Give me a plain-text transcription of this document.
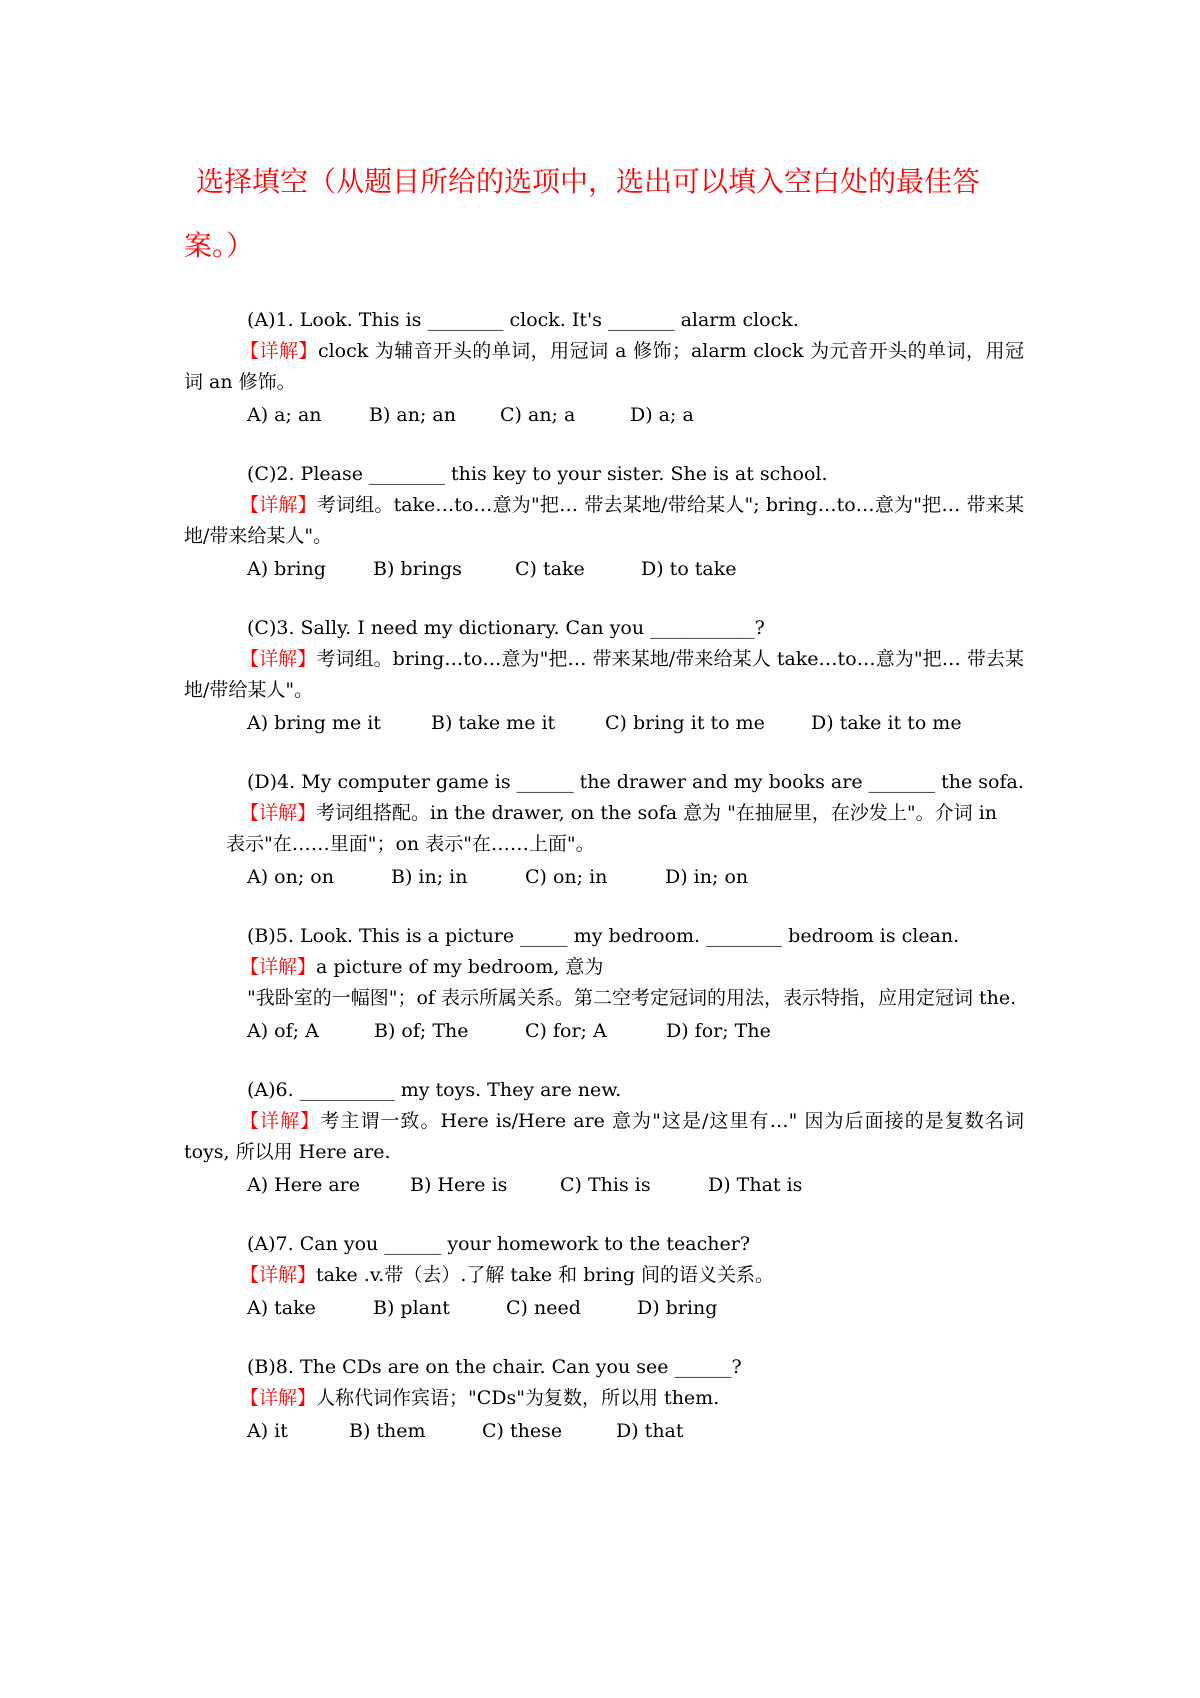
选择填空（从题目所给的选项中，选出可以填入空白处的最佳答案。）
(A)1. Look. This is ________ clock. It's _______ alarm clock.

【详解】clock 为辅音开头的单词，用冠词 a 修饰；alarm clock 为元音开头的单词，用冠词 an 修饰。

A) a; an B) an; an C) an; a	D) a; a
(C)2. Please ________ this key to your sister. She is at school.

【详解】考词组。take…to…意为"把… 带去某地/带给某人"; bring…to…意为"把… 带来某地/带来给某人"。

A) bring B) brings	C) take	D) to take
(C)3. Sally. I need my dictionary. Can you ___________?

【详解】考词组。bring…to…意为"把… 带来某地/带来给某人 take…to…意为"把… 带去某地/带给某人"。

A) bring me it	B) take me it	C) bring it to me D) take it to me
(D)4. My computer game is ______ the drawer and my books are _______ the sofa.

【详解】考词组搭配。in the drawer, on the sofa 意为 "在抽屉里，在沙发上"。介词 in

表示"在……里面"；on 表示"在……上面"。

A) on; on	B) in; in	C) on; in	D) in; on
(B)5. Look. This is a picture _____ my bedroom. ________ bedroom is clean.

【详解】a picture of my bedroom, 意为

"我卧室的一幅图"；of 表示所属关系。第二空考定冠词的用法，表示特指，应用定冠词 the.

A) of; A	B) of; The	C) for; A	D) for; The
(A)6. __________ my toys. They are new.

【详解】考主谓一致。Here is/Here are 意为"这是/这里有…" 因为后面接的是复数名词 toys, 所以用 Here are.

A) Here are	B) Here is	C) This is	D) That is
(A)7. Can you ______ your homework to the teacher?

【详解】take .v.带（去）.了解 take 和 bring 间的语义关系。

A) take	B) plant	C) need	D) bring
(B)8. The CDs are on the chair. Can you see ______?

【详解】人称代词作宾语；"CDs"为复数，所以用 them.

A) it	B) them	C) these	D) that
